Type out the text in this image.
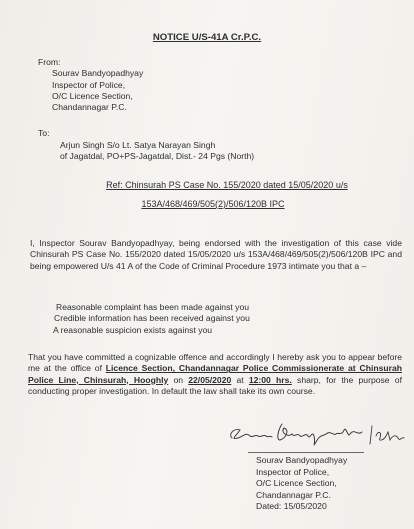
NOTICE U/S-41A Cr.P.C.
From:
Sourav Bandyopadhyay
Inspector of Police,
O/C Licence Section,
Chandannagar P.C.
To:
Arjun Singh S/o Lt. Satya Narayan Singh
of Jagatdal, PO+PS-Jagatdal, Dist.- 24 Pgs (North)
Ref: Chinsurah PS Case No. 155/2020 dated 15/05/2020 u/s
153A/468/469/505(2)/506/120B IPC
I, Inspector Sourav Bandyopadhyay, being endorsed with the investigation of this case vide Chinsurah PS Case No. 155/2020 dated 15/05/2020 u/s 153A/468/469/505(2)/506/120B IPC and being empowered U/s 41 A of the Code of Criminal Procedure 1973 intimate you that a –
Reasonable complaint has been made against you
Credible information has been received against you
A reasonable suspicion exists against you
That you have committed a cognizable offence and accordingly I hereby ask you to appear before me at the office of Licence Section, Chandannagar Police Commissionerate at Chinsurah Police Line, Chinsurah, Hooghly on 22/05/2020 at 12:00 hrs. sharp, for the purpose of conducting proper investigation. In default the law shall take its own course.
Sourav Bandyopadhyay
Inspector of Police,
O/C Licence Section,
Chandannagar P.C.
Dated: 15/05/2020
